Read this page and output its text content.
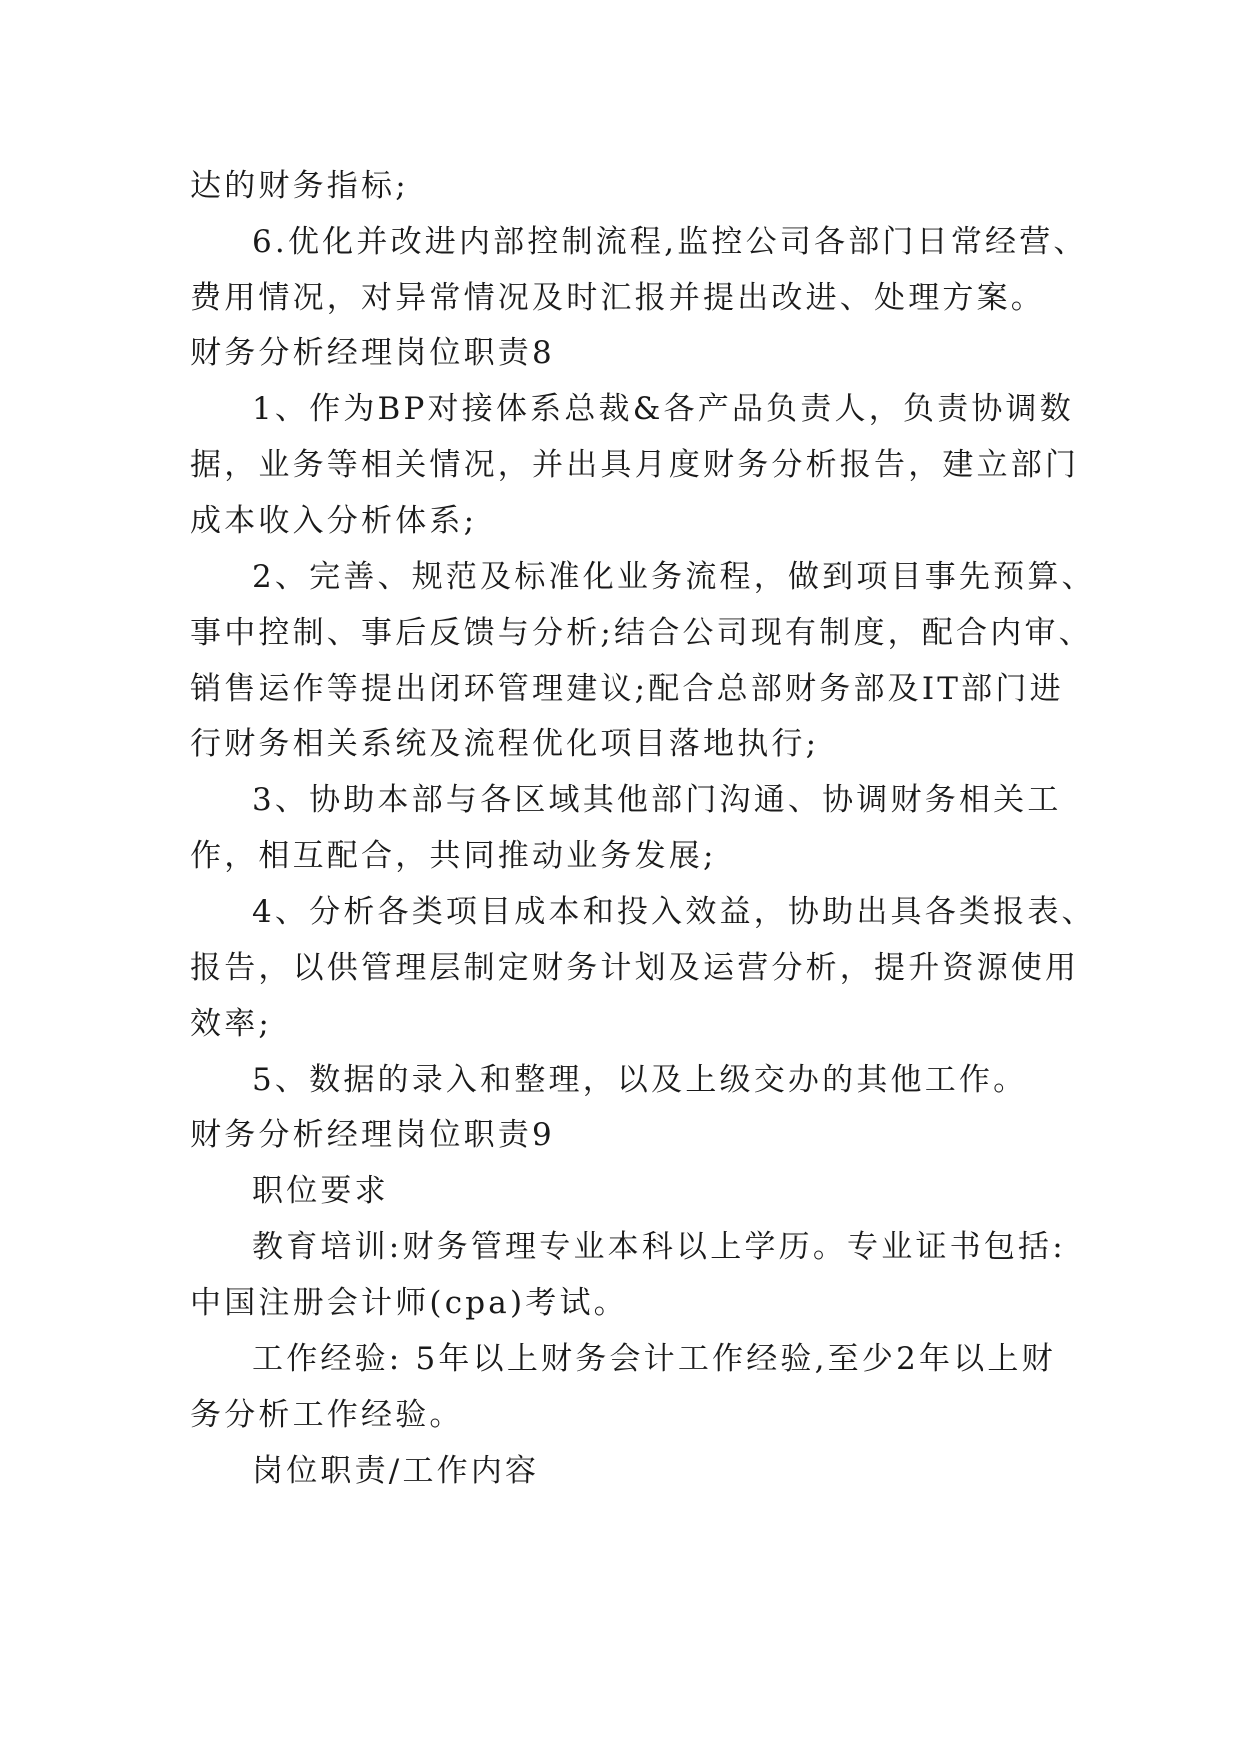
达的财务指标;

6.优化并改进内部控制流程,监控公司各部门日常经营、

费用情况，对异常情况及时汇报并提出改进、处理方案。

财务分析经理岗位职责8

1、作为BP对接体系总裁&各产品负责人，负责协调数

据，业务等相关情况，并出具月度财务分析报告，建立部门

成本收入分析体系;

2、完善、规范及标准化业务流程，做到项目事先预算、

事中控制、事后反馈与分析;结合公司现有制度，配合内审、

销售运作等提出闭环管理建议;配合总部财务部及IT部门进

行财务相关系统及流程优化项目落地执行;

3、协助本部与各区域其他部门沟通、协调财务相关工

作，相互配合，共同推动业务发展;

4、分析各类项目成本和投入效益，协助出具各类报表、

报告，以供管理层制定财务计划及运营分析，提升资源使用

效率;

5、数据的录入和整理，以及上级交办的其他工作。

财务分析经理岗位职责9

职位要求

教育培训:财务管理专业本科以上学历。专业证书包括:

中国注册会计师(cpa)考试。

工作经验: 5年以上财务会计工作经验,至少2年以上财

务分析工作经验。

岗位职责/工作内容
